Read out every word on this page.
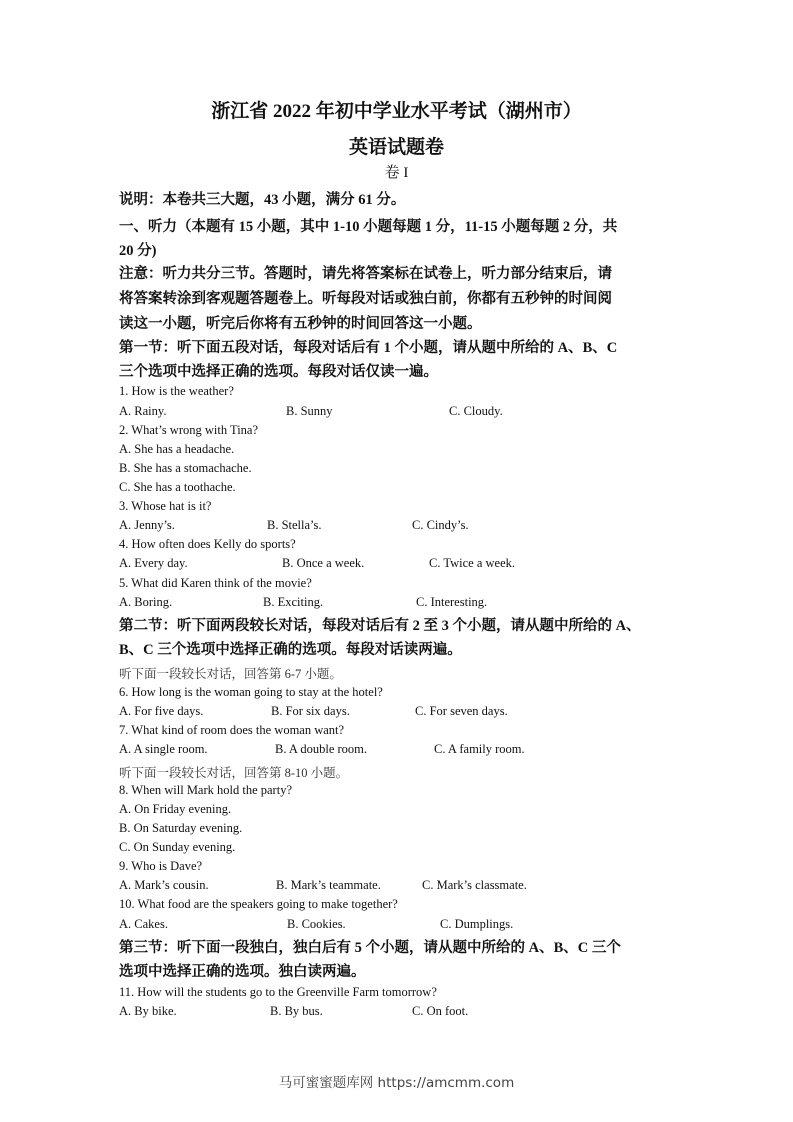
浙江省 2022 年初中学业水平考试（湖州市）
英语试题卷
卷 I
说明：本卷共三大题，43 小题，满分 61 分。
一、听力（本题有 15 小题，其中 1-10 小题每题 1 分，11-15 小题每题 2 分，共
20 分)
注意：听力共分三节。答题时，请先将答案标在试卷上，听力部分结束后，请
将答案转涂到客观题答题卷上。听每段对话或独白前，你都有五秒钟的时间阅
读这一小题，听完后你将有五秒钟的时间回答这一小题。
第一节：听下面五段对话，每段对话后有 1 个小题，请从题中所给的 A、B、C
三个选项中选择正确的选项。每段对话仅读一遍。
1. How is the weather?
A. Rainy.	B. Sunny	C. Cloudy.
2. What’s wrong with Tina?
A. She has a headache.
B. She has a stomachache.
C. She has a toothache.
3. Whose hat is it?
A. Jenny’s.	B. Stella’s.	C. Cindy’s.
4. How often does Kelly do sports?
A. Every day.	B. Once a week.	C. Twice a week.
5. What did Karen think of the movie?
A. Boring.	B. Exciting.	C. Interesting.
第二节：听下面两段较长对话，每段对话后有 2 至 3 个小题，请从题中所给的 A、
B、C 三个选项中选择正确的选项。每段对话读两遍。
听下面一段较长对话，回答第 6-7 小题。
6. How long is the woman going to stay at the hotel?
A. For five days.	B. For six days.	C. For seven days.
7. What kind of room does the woman want?
A. A single room.	B. A double room.	C. A family room.
听下面一段较长对话，回答第 8-10 小题。
8. When will Mark hold the party?
A. On Friday evening.
B. On Saturday evening.
C. On Sunday evening.
9. Who is Dave?
A. Mark’s cousin.	B. Mark’s teammate.	C. Mark’s classmate.
10. What food are the speakers going to make together?
A. Cakes.	B. Cookies.	C. Dumplings.
第三节：听下面一段独白，独白后有 5 个小题，请从题中所给的 A、B、C 三个
选项中选择正确的选项。独白读两遍。
11. How will the students go to the Greenville Farm tomorrow?
A. By bike.	B. By bus.	C. On foot.
马可蜜蜜题库网 https://amcmm.com
